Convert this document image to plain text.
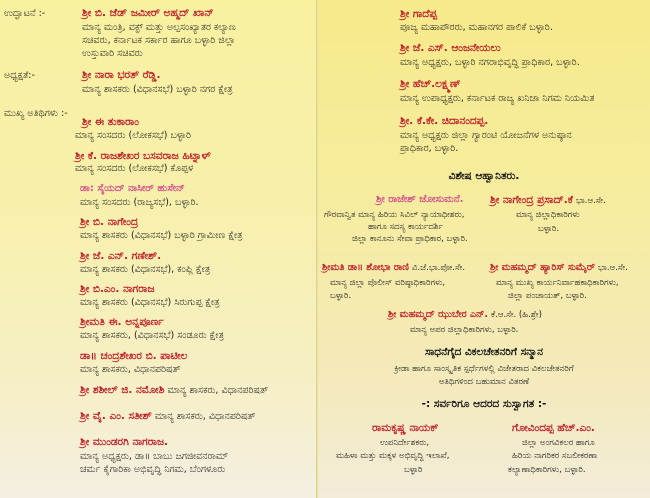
ಉದ್ಘಾಟನೆ :-	ಶ್ರೀ ಬಿ. ಜೆಡ್ ಜಮೀರ್ ಅಹ್ಮದ್ ಖಾನ್
ಮಾನ್ಯ ಮಂತ್ರಿ, ವಕ್ಫ್ ಮತ್ತು ಅಲ್ಪಸಂಖ್ಯಾತರ ಕಲ್ಯಾಣ
ಸಚಿವರು, ಕರ್ನಾಟಕ ಸರ್ಕಾರ ಹಾಗೂ ಬಳ್ಳಾರಿ ಜಿಲ್ಲಾ
ಉಸ್ತುವಾರಿ ಸಚಿವರು
ಅಧ್ಯಕ್ಷತೆ:-	ಶ್ರೀ ನಾರಾ ಭರತ್ ರೆಡ್ಡಿ.
ಮಾನ್ಯ ಶಾಸಕರು (ವಿಧಾನಸಭೆ) ಬಳ್ಳಾರಿ ನಗರ ಕ್ಷೇತ್ರ
ಮುಖ್ಯ ಅತಿಥಿಗಳು :-
ಶ್ರೀ ಈ ತುಕಾರಾಂ
ಮಾನ್ಯ ಸಂಸದರು (ಲೋಕಸಭೆ) ಬಳ್ಳಾರಿ
ಶ್ರೀ ಕೆ. ರಾಜಶೇಖರ ಬಸವರಾಜ ಹಿಟ್ನಾಳ್
ಮಾನ್ಯ ಸಂಸದರು (ಲೋಕಸಭೆ) ಕೊಪ್ಪಳ
ಡಾ: ಸೈಯದ್ ನಾಸೀರ್ ಹುಸೇನ್
ಮಾನ್ಯ ಸಂಸದರು (ರಾಜ್ಯಸಭೆ), ಬಳ್ಳಾರಿ.
ಶ್ರೀ ಬಿ. ನಾಗೇಂದ್ರ
ಮಾನ್ಯ ಶಾಸಕರು (ವಿಧಾನಸಭೆ) ಬಳ್ಳಾರಿ ಗ್ರಾಮೀಣ ಕ್ಷೇತ್ರ
ಶ್ರೀ ಜೆ. ಎನ್. ಗಣೇಶ್.
ಮಾನ್ಯ ಶಾಸಕರು (ವಿಧಾನಸಭೆ), ಕಂಪ್ಲಿ ಕ್ಷೇತ್ರ
ಶ್ರೀ ಬಿ.ಎಂ. ನಾಗರಾಜ
ಮಾನ್ಯ ಶಾಸಕರು (ವಿಧಾನಸಭೆ) ಸಿರುಗುಪ್ಪ ಕ್ಷೇತ್ರ
ಶ್ರೀಮತಿ ಈ. ಅನ್ನಪೂರ್ಣ
ಮಾನ್ಯ ಶಾಸಕರು, (ವಿಧಾನಸಭೆ) ಸಂಡೂರು ಕ್ಷೇತ್ರ
ಡಾ॥ ಚಂದ್ರಶೇಖರ ಬಿ. ಪಾಟೀಲ
ಮಾನ್ಯ ಶಾಸಕರು, ವಿಧಾನಪರಿಷತ್
ಶ್ರೀ ಶಶೀಲ್ ಜಿ. ನಮೋಶಿ ಮಾನ್ಯ ಶಾಸಕರು, ವಿಧಾನಪರಿಷತ್
ಶ್ರೀ ವೈ. ಎಂ. ಸತೀಶ್ ಮಾನ್ಯ ಶಾಸಕರು, ವಿಧಾನಪರಿಷತ್
ಶ್ರೀ ಮುಂಡರಗಿ ನಾಗರಾಜ.
ಮಾನ್ಯ ಅಧ್ಯಕ್ಷರು, ಡಾ॥ ಬಾಬು ಜಗಜೀವನರಾಮ್
ಚರ್ಮ ಕೈಗಾರಿಕಾ ಅಭಿವೃದ್ಧಿ ನಿಗಮ, ಬೆಂಗಳೂರು
ಶ್ರೀ ಗಾದೆಪ್ಪ
ಪೂಜ್ಯ ಮಹಾಪೌರರು, ಮಹಾನಗರ ಪಾಲಿಕೆ ಬಳ್ಳಾರಿ.
ಶ್ರೀ ಜೆ. ಎಸ್. ಆಂಜನೇಯಲು
ಮಾನ್ಯ ಅಧ್ಯಕ್ಷರು, ಬಳ್ಳಾರಿ ನಗರಾಭಿವೃದ್ಧಿ ಪ್ರಾಧಿಕಾರ, ಬಳ್ಳಾರಿ.
ಶ್ರೀ ಹೆಚ್.ಲಕ್ಷ್ಮಣ್
ಮಾನ್ಯ ಉಪಾಧ್ಯಕ್ಷರು, ಕರ್ನಾಟಕ ರಾಜ್ಯ ಖನಿಜಾ ನಿಗಮ ನಿಯಮಿತ
ಶ್ರೀ. ಕೆ.ಕೇ. ಚಿದಾನಂದಪ್ಪ.
ಮಾನ್ಯ ಅಧ್ಯಕ್ಷರು ಜಿಲ್ಲಾ ಗ್ಯಾರಂಟಿ ಯೋಜನೆಗಳ ಅನುಷ್ಠಾನ
ಪ್ರಾಧಿಕಾರ, ಬಳ್ಳಾರಿ.
ವಿಶೇಷ ಆಹ್ವಾನಿತರು.
ಶ್ರೀ ರಾಜೇಶ್ ಜೋಸುಮನೆ.
ಗೌರವಾನ್ವಿತ ಮಾನ್ಯ ಹಿರಿಯ ಸಿವಿಲ್ ನ್ಯಾಯಾಧೀಶರು,
ಹಾಗೂ ಸದಸ್ಯ ಕಾರ್ಯದರ್ಶಿ
ಜಿಲ್ಲಾ ಕಾನೂನು ಸೇವಾ ಪ್ರಾಧಿಕಾರ, ಬಳ್ಳಾರಿ.
ಶ್ರೀ ನಾಗೇಂದ್ರ ಪ್ರಸಾದ್.ಕೆ ಭಾ.ಆ.ಸೇ.
ಮಾನ್ಯ ಜಿಲ್ಲಾಧಿಕಾರಿಗಳು
ಬಳ್ಳಾರಿ.
ಶ್ರೀಮತಿ ಡಾ॥ ಶೋಭಾ ರಾಣಿ ವಿ.ಜೆ.ಭಾ.ಪೋ.ಸೇ.
ಮಾನ್ಯ ಜಿಲ್ಲಾ ಪೊಲೀಸ್ ವರಿಷ್ಠಾಧಿಕಾರಿಗಳು,
ಬಳ್ಳಾರಿ.
ಶ್ರೀ ಮಹಮ್ಮದ್ ಹ್ಯಾರಿಸ್ ಸುಮೈರ್ ಭಾ.ಆ.ಸೇ.
ಮಾನ್ಯ ಮುಖ್ಯ ಕಾರ್ಯನಿರ್ವಾಹಕಾಧಿಕಾರಿಗಳು,
ಜಿಲ್ಲಾ ಪಂಚಾಯತ್, ಬಳ್ಳಾರಿ.
ಶ್ರೀ ಮಹಮ್ಮದ್ ಝುಬೇರ ಎನ್. ಕೆ.ಆ.ಸೇ. (ಹಿ.ಶ್ರೇ)
ಮಾನ್ಯ ಅಪರ ಜಿಲ್ಲಾಧಿಕಾರಿಗಳು, ಬಳ್ಳಾರಿ.
ಸಾಧನೆಗೈದ ವಿಕಲಚೇತನರಿಗೆ ಸನ್ಮಾನ
ಕ್ರೀಡಾ ಹಾಗೂ ಸಾಂಸ್ಕೃತಿಕ ಸ್ಪರ್ಧೆಗಳಲ್ಲಿ ವಿಜೇತರಾದ ವಿಕಲಚೇತನರಿಗೆ
ಅತಿಥಿಗಳಿಂದ ಬಹುಮಾನ ವಿತರಣೆ
-: ಸರ್ವರಿಗೂ ಆದರದ ಸುಸ್ವಾಗತ :-
ರಾಮಕೃಷ್ಣ ನಾಯಕ್
ಉಪನಿರ್ದೇಶಕರು,
ಮಹಿಳಾ ಮತ್ತು ಮಕ್ಕಳ ಅಭಿವೃದ್ಧಿ ಇಲಾಖೆ,
ಬಳ್ಳಾರಿ
ಗೋವಿಂದಪ್ಪ ಹೆಚ್.ಎಂ.
ಜಿಲ್ಲಾ ಅಂಗವಿಕಲರ ಹಾಗೂ
ಹಿರಿಯ ನಾಗರಿಕರ ಸಬಲೀಕರಣಾ
ಕಲ್ಯಾಣಾಧಿಕಾರಿಗಳು, ಬಳ್ಳಾರಿ.
